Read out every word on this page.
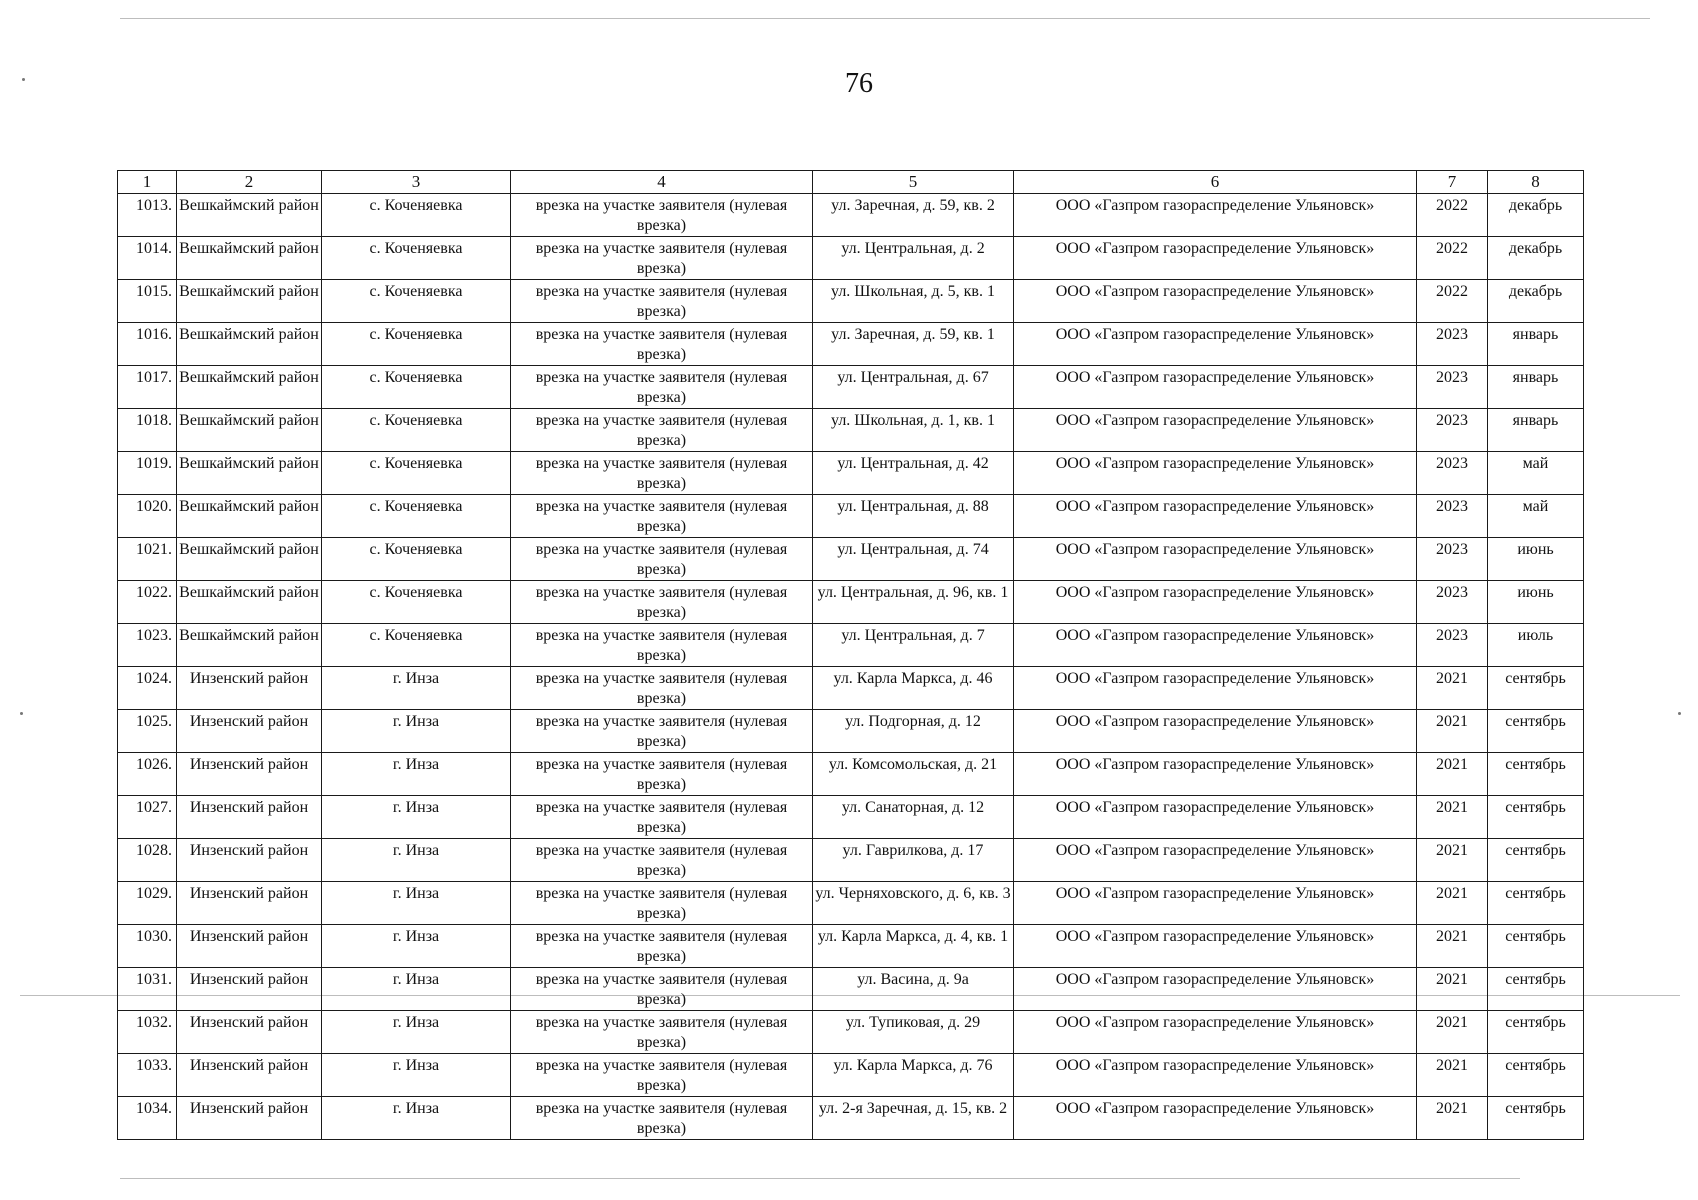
76
1	2	3	4	5	6	7	8
1013.	Вешкаймский район	с. Коченяевка	врезка на участке заявителя (нулевая врезка)	ул. Заречная, д. 59, кв. 2	ООО «Газпром газораспределение Ульяновск»	2022	декабрь
1014.	Вешкаймский район	с. Коченяевка	врезка на участке заявителя (нулевая врезка)	ул. Центральная, д. 2	ООО «Газпром газораспределение Ульяновск»	2022	декабрь
1015.	Вешкаймский район	с. Коченяевка	врезка на участке заявителя (нулевая врезка)	ул. Школьная, д. 5, кв. 1	ООО «Газпром газораспределение Ульяновск»	2022	декабрь
1016.	Вешкаймский район	с. Коченяевка	врезка на участке заявителя (нулевая врезка)	ул. Заречная, д. 59, кв. 1	ООО «Газпром газораспределение Ульяновск»	2023	январь
1017.	Вешкаймский район	с. Коченяевка	врезка на участке заявителя (нулевая врезка)	ул. Центральная, д. 67	ООО «Газпром газораспределение Ульяновск»	2023	январь
1018.	Вешкаймский район	с. Коченяевка	врезка на участке заявителя (нулевая врезка)	ул. Школьная, д. 1, кв. 1	ООО «Газпром газораспределение Ульяновск»	2023	январь
1019.	Вешкаймский район	с. Коченяевка	врезка на участке заявителя (нулевая врезка)	ул. Центральная, д. 42	ООО «Газпром газораспределение Ульяновск»	2023	май
1020.	Вешкаймский район	с. Коченяевка	врезка на участке заявителя (нулевая врезка)	ул. Центральная, д. 88	ООО «Газпром газораспределение Ульяновск»	2023	май
1021.	Вешкаймский район	с. Коченяевка	врезка на участке заявителя (нулевая врезка)	ул. Центральная, д. 74	ООО «Газпром газораспределение Ульяновск»	2023	июнь
1022.	Вешкаймский район	с. Коченяевка	врезка на участке заявителя (нулевая врезка)	ул. Центральная, д. 96, кв. 1	ООО «Газпром газораспределение Ульяновск»	2023	июнь
1023.	Вешкаймский район	с. Коченяевка	врезка на участке заявителя (нулевая врезка)	ул. Центральная, д. 7	ООО «Газпром газораспределение Ульяновск»	2023	июль
1024.	Инзенский район	г. Инза	врезка на участке заявителя (нулевая врезка)	ул. Карла Маркса, д. 46	ООО «Газпром газораспределение Ульяновск»	2021	сентябрь
1025.	Инзенский район	г. Инза	врезка на участке заявителя (нулевая врезка)	ул. Подгорная, д. 12	ООО «Газпром газораспределение Ульяновск»	2021	сентябрь
1026.	Инзенский район	г. Инза	врезка на участке заявителя (нулевая врезка)	ул. Комсомольская, д. 21	ООО «Газпром газораспределение Ульяновск»	2021	сентябрь
1027.	Инзенский район	г. Инза	врезка на участке заявителя (нулевая врезка)	ул. Санаторная, д. 12	ООО «Газпром газораспределение Ульяновск»	2021	сентябрь
1028.	Инзенский район	г. Инза	врезка на участке заявителя (нулевая врезка)	ул. Гаврилкова, д. 17	ООО «Газпром газораспределение Ульяновск»	2021	сентябрь
1029.	Инзенский район	г. Инза	врезка на участке заявителя (нулевая врезка)	ул. Черняховского, д. 6, кв. 3	ООО «Газпром газораспределение Ульяновск»	2021	сентябрь
1030.	Инзенский район	г. Инза	врезка на участке заявителя (нулевая врезка)	ул. Карла Маркса, д. 4, кв. 1	ООО «Газпром газораспределение Ульяновск»	2021	сентябрь
1031.	Инзенский район	г. Инза	врезка на участке заявителя (нулевая врезка)	ул. Васина, д. 9а	ООО «Газпром газораспределение Ульяновск»	2021	сентябрь
1032.	Инзенский район	г. Инза	врезка на участке заявителя (нулевая врезка)	ул. Тупиковая, д. 29	ООО «Газпром газораспределение Ульяновск»	2021	сентябрь
1033.	Инзенский район	г. Инза	врезка на участке заявителя (нулевая врезка)	ул. Карла Маркса, д. 76	ООО «Газпром газораспределение Ульяновск»	2021	сентябрь
1034.	Инзенский район	г. Инза	врезка на участке заявителя (нулевая врезка)	ул. 2-я Заречная, д. 15, кв. 2	ООО «Газпром газораспределение Ульяновск»	2021	сентябрь
